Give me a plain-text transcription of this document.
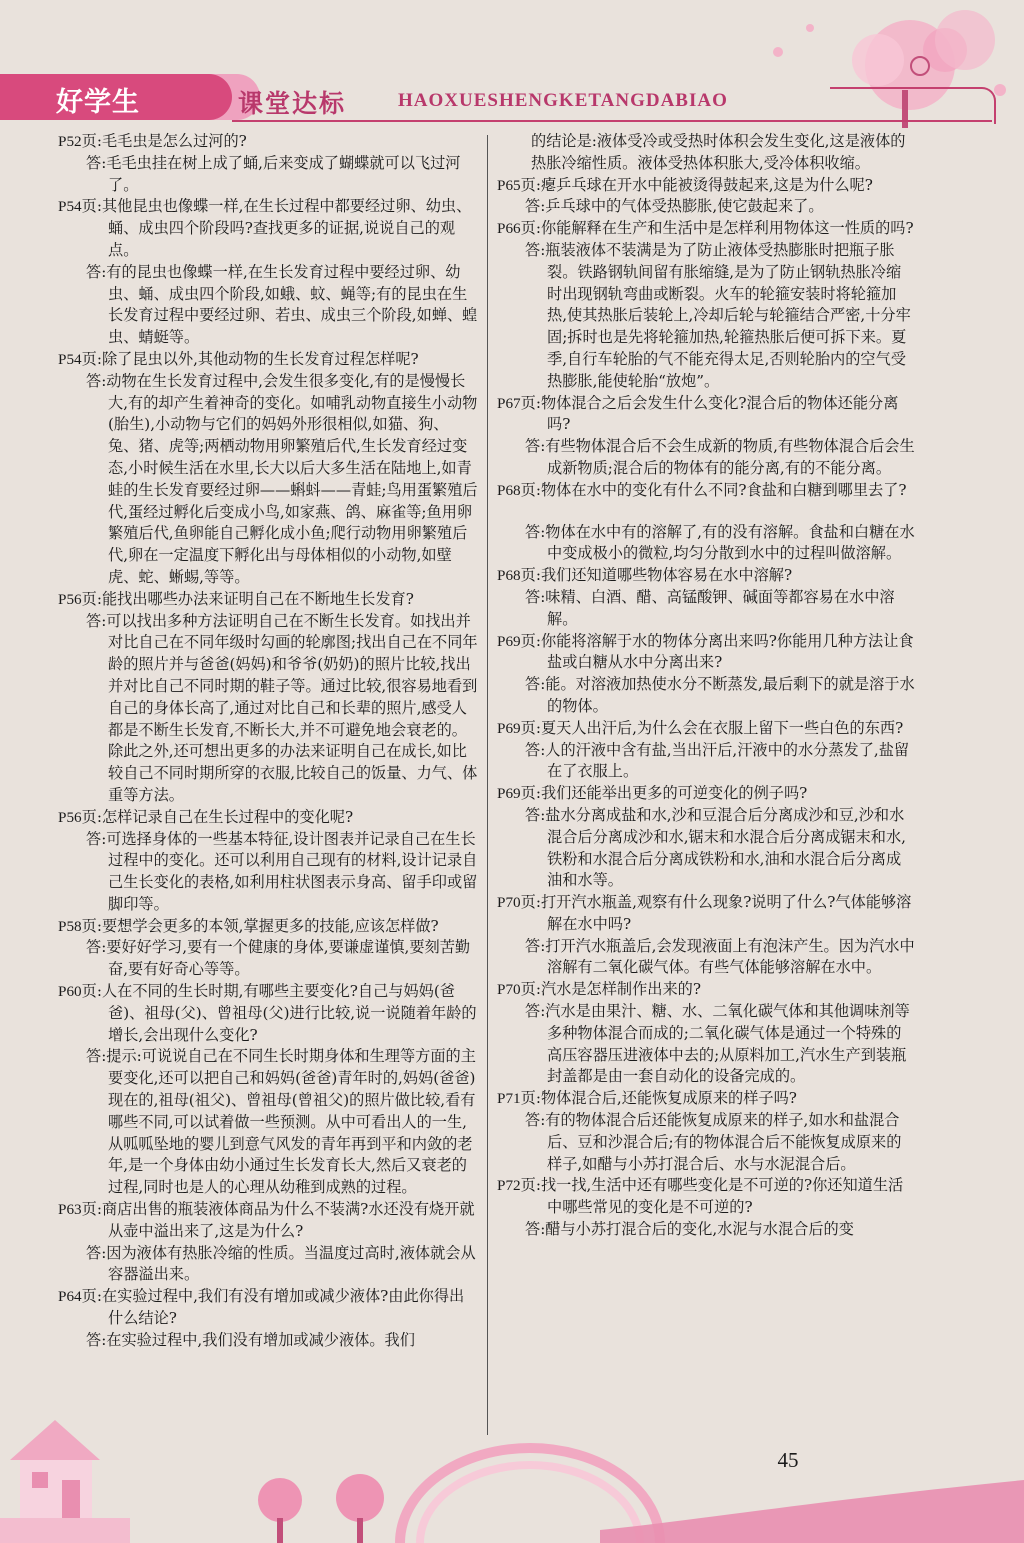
好学生	课堂达标	HAOXUESHENGKETANGDABIAO
P52页:毛毛虫是怎么过河的?
答:毛毛虫挂在树上成了蛹,后来变成了蝴蝶就可以飞过河了。
P54页:其他昆虫也像蝶一样,在生长过程中都要经过卵、幼虫、蛹、成虫四个阶段吗?查找更多的证据,说说自己的观点。
答:有的昆虫也像蝶一样,在生长发育过程中要经过卵、幼虫、蛹、成虫四个阶段,如蛾、蚊、蝇等;有的昆虫在生长发育过程中要经过卵、若虫、成虫三个阶段,如蝉、蝗虫、蜻蜓等。
P54页:除了昆虫以外,其他动物的生长发育过程怎样呢?
答:动物在生长发育过程中,会发生很多变化,有的是慢慢长大,有的却产生着神奇的变化。如哺乳动物直接生小动物(胎生),小动物与它们的妈妈外形很相似,如猫、狗、兔、猪、虎等;两栖动物用卵繁殖后代,生长发育经过变态,小时候生活在水里,长大以后大多生活在陆地上,如青蛙的生长发育要经过卵——蝌蚪——青蛙;鸟用蛋繁殖后代,蛋经过孵化后变成小鸟,如家燕、鸽、麻雀等;鱼用卵繁殖后代,鱼卵能自己孵化成小鱼;爬行动物用卵繁殖后代,卵在一定温度下孵化出与母体相似的小动物,如壁虎、蛇、蜥蜴,等等。
P56页:能找出哪些办法来证明自己在不断地生长发育?
答:可以找出多种方法证明自己在不断生长发育。如找出并对比自己在不同年级时勾画的轮廓图;找出自己在不同年龄的照片并与爸爸(妈妈)和爷爷(奶奶)的照片比较,找出并对比自己不同时期的鞋子等。通过比较,很容易地看到自己的身体长高了,通过对比自己和长辈的照片,感受人都是不断生长发育,不断长大,并不可避免地会衰老的。除此之外,还可想出更多的办法来证明自己在成长,如比较自己不同时期所穿的衣服,比较自己的饭量、力气、体重等方法。
P56页:怎样记录自己在生长过程中的变化呢?
答:可选择身体的一些基本特征,设计图表并记录自己在生长过程中的变化。还可以利用自己现有的材料,设计记录自己生长变化的表格,如利用柱状图表示身高、留手印或留脚印等。
P58页:要想学会更多的本领,掌握更多的技能,应该怎样做?
答:要好好学习,要有一个健康的身体,要谦虚谨慎,要刻苦勤奋,要有好奇心等等。
P60页:人在不同的生长时期,有哪些主要变化?自己与妈妈(爸爸)、祖母(父)、曾祖母(父)进行比较,说一说随着年龄的增长,会出现什么变化?
答:提示:可说说自己在不同生长时期身体和生理等方面的主要变化,还可以把自己和妈妈(爸爸)青年时的,妈妈(爸爸)现在的,祖母(祖父)、曾祖母(曾祖父)的照片做比较,看有哪些不同,可以试着做一些预测。从中可看出人的一生,从呱呱坠地的婴儿到意气风发的青年再到平和内敛的老年,是一个身体由幼小通过生长发育长大,然后又衰老的过程,同时也是人的心理从幼稚到成熟的过程。
P63页:商店出售的瓶装液体商品为什么不装满?水还没有烧开就从壶中溢出来了,这是为什么?
答:因为液体有热胀冷缩的性质。当温度过高时,液体就会从容器溢出来。
P64页:在实验过程中,我们有没有增加或减少液体?由此你得出什么结论?
答:在实验过程中,我们没有增加或减少液体。我们
的结论是:液体受冷或受热时体积会发生变化,这是液体的热胀冷缩性质。液体受热体积胀大,受冷体积收缩。
P65页:瘪乒乓球在开水中能被烫得鼓起来,这是为什么呢?
答:乒乓球中的气体受热膨胀,使它鼓起来了。
P66页:你能解释在生产和生活中是怎样利用物体这一性质的吗?
答:瓶装液体不装满是为了防止液体受热膨胀时把瓶子胀裂。铁路钢轨间留有胀缩缝,是为了防止钢轨热胀冷缩时出现钢轨弯曲或断裂。火车的轮箍安装时将轮箍加热,使其热胀后装轮上,冷却后轮与轮箍结合严密,十分牢固;拆时也是先将轮箍加热,轮箍热胀后便可拆下来。夏季,自行车轮胎的气不能充得太足,否则轮胎内的空气受热膨胀,能使轮胎“放炮”。
P67页:物体混合之后会发生什么变化?混合后的物体还能分离吗?
答:有些物体混合后不会生成新的物质,有些物体混合后会生成新物质;混合后的物体有的能分离,有的不能分离。
P68页:物体在水中的变化有什么不同?食盐和白糖到哪里去了?
答:物体在水中有的溶解了,有的没有溶解。食盐和白糖在水中变成极小的微粒,均匀分散到水中的过程叫做溶解。
P68页:我们还知道哪些物体容易在水中溶解?
答:味精、白酒、醋、高锰酸钾、碱面等都容易在水中溶解。
P69页:你能将溶解于水的物体分离出来吗?你能用几种方法让食盐或白糖从水中分离出来?
答:能。对溶液加热使水分不断蒸发,最后剩下的就是溶于水的物体。
P69页:夏天人出汗后,为什么会在衣服上留下一些白色的东西?
答:人的汗液中含有盐,当出汗后,汗液中的水分蒸发了,盐留在了衣服上。
P69页:我们还能举出更多的可逆变化的例子吗?
答:盐水分离成盐和水,沙和豆混合后分离成沙和豆,沙和水混合后分离成沙和水,锯末和水混合后分离成锯末和水,铁粉和水混合后分离成铁粉和水,油和水混合后分离成油和水等。
P70页:打开汽水瓶盖,观察有什么现象?说明了什么?气体能够溶解在水中吗?
答:打开汽水瓶盖后,会发现液面上有泡沫产生。因为汽水中溶解有二氧化碳气体。有些气体能够溶解在水中。
P70页:汽水是怎样制作出来的?
答:汽水是由果汁、糖、水、二氧化碳气体和其他调味剂等多种物体混合而成的;二氧化碳气体是通过一个特殊的高压容器压进液体中去的;从原料加工,汽水生产到装瓶封盖都是由一套自动化的设备完成的。
P71页:物体混合后,还能恢复成原来的样子吗?
答:有的物体混合后还能恢复成原来的样子,如水和盐混合后、豆和沙混合后;有的物体混合后不能恢复成原来的样子,如醋与小苏打混合后、水与水泥混合后。
P72页:找一找,生活中还有哪些变化是不可逆的?你还知道生活中哪些常见的变化是不可逆的?
答:醋与小苏打混合后的变化,水泥与水混合后的变
45
